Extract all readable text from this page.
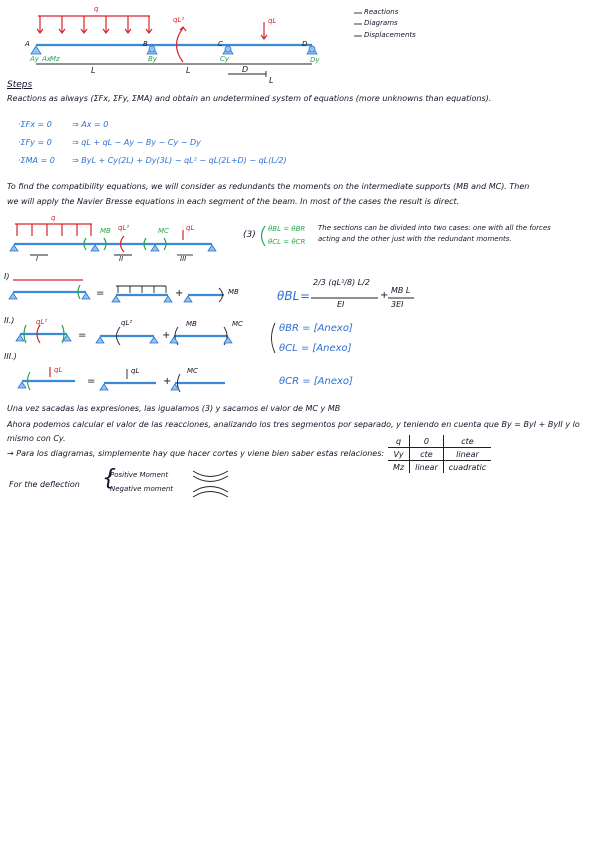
q
qL²	qL
A	B	C	D
Ay Ax Mz	By	Cy	Dy
L	L
L
D
Reactions
Diagrams
Displacements
Steps
Reactions as always (ΣFx, ΣFy, ΣMA) and obtain an undetermined system of equations (more unknowns than equations).
·ΣFx = 0	⇒ Ax = 0
·ΣFy = 0	⇒ qL + qL − Ay − By − Cy − Dy
·ΣMA = 0 ⇒ ByL + Cy(2L) + Dy(3L) − qL² − qL(2L+D) − qL(L/2)
To find the compatibility equations, we will consider as redundants the moments on the intermediate supports (MB and MC). Then
we will apply the Navier Bresse equations in each segment of the beam. In most of the cases the result is direct.
q
qL²	qL
MB	MC
I	II	III
(3)
θBL = θBR
θCL = θCR
The sections can be divided into two cases: one with all the forces
acting and the other just with the redundant moments.
I)
=	+	MB	θBL =
2/3 (qL²/8) L/2
EI
+ MB L
3EI
II.)	qL²
=
qL²
+
MB	MC	θBR = [Anexo]
θCL = [Anexo]
III.)
qL
=
qL
+
MC
θCR = [Anexo]
Una vez sacadas las expresiones, las igualamos (3) y sacamos el valor de MC y MB
Ahora podemos calcular el valor de las reacciones, analizando los tres segmentos por separado, y teniendo en cuenta que By = ByI + ByII y lo
mismo con Cy.
→ Para los diagramas, simplemente hay que hacer cortes y viene bien saber estas relaciones:
For the deflection {
Positive Moment
Negative moment
q	0	cte
Vy	cte	linear
Mz	linear	cuadratic
